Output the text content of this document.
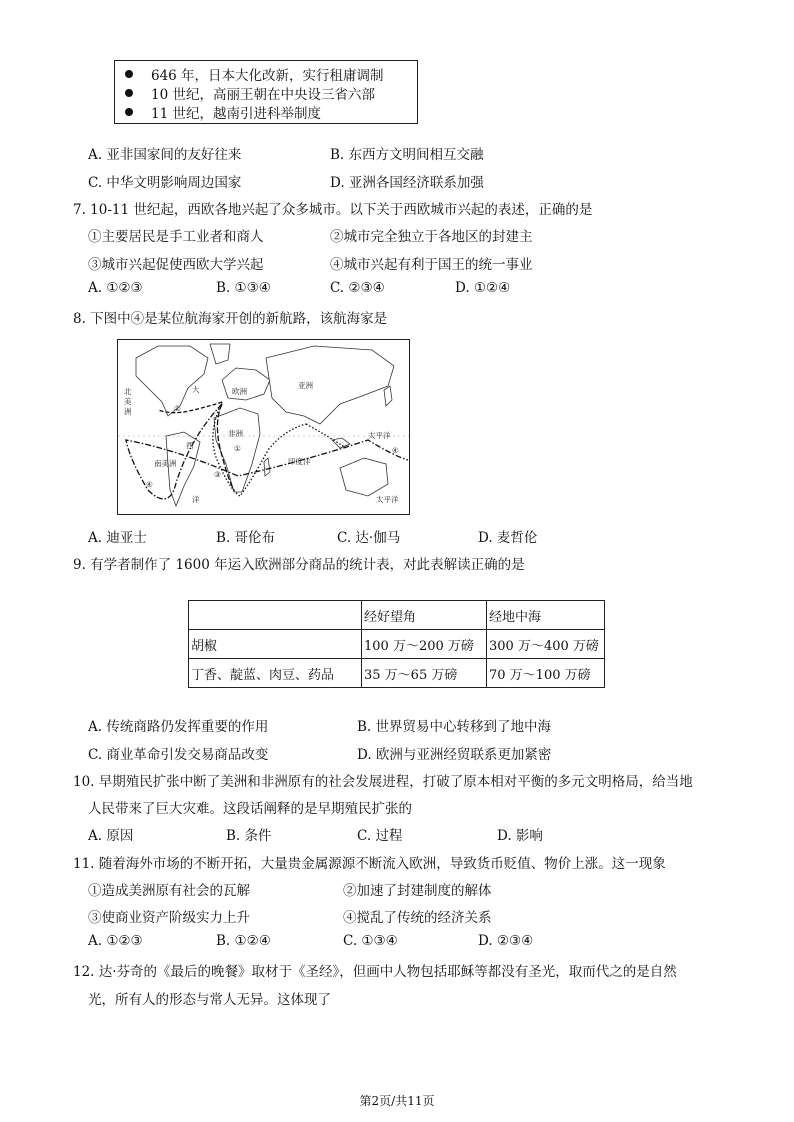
646 年，日本大化改新，实行租庸调制
10 世纪，高丽王朝在中央设三省六部
11 世纪，越南引进科举制度
A. 亚非国家间的友好往来	B. 东西方文明间相互交融
C. 中华文明影响周边国家	D. 亚洲各国经济联系加强
7. 10-11 世纪起，西欧各地兴起了众多城市。以下关于西欧城市兴起的表述，正确的是
①主要居民是手工业者和商人	②城市完全独立于各地区的封建主
③城市兴起促使西欧大学兴起	④城市兴起有利于国王的统一事业
A. ①②③	B. ①③④	C. ②③④	D. ①②④
8. 下图中④是某位航海家开创的新航路，该航海家是
北
美
洲
大
西
洋
欧洲
亚洲
非洲
南美洲	印度洋
太平洋
太平洋
①
②
③
④
④
A. 迪亚士	B. 哥伦布	C. 达·伽马	D. 麦哲伦
9. 有学者制作了 1600 年运入欧洲部分商品的统计表，对此表解读正确的是
	经好望角	经地中海
胡椒	100 万～200 万磅	300 万～400 万磅
丁香、靛蓝、肉豆、药品	35 万～65 万磅	70 万～100 万磅
A. 传统商路仍发挥重要的作用	B. 世界贸易中心转移到了地中海
C. 商业革命引发交易商品改变	D. 欧洲与亚洲经贸联系更加紧密
10. 早期殖民扩张中断了美洲和非洲原有的社会发展进程，打破了原本相对平衡的多元文明格局，给当地
人民带来了巨大灾难。这段话阐释的是早期殖民扩张的
A. 原因	B. 条件	C. 过程	D. 影响
11. 随着海外市场的不断开拓，大量贵金属源源不断流入欧洲，导致货币贬值、物价上涨。这一现象
①造成美洲原有社会的瓦解	②加速了封建制度的解体
③使商业资产阶级实力上升	④搅乱了传统的经济关系
A. ①②③	B. ①②④	C. ①③④	D. ②③④
12. 达·芬奇的《最后的晚餐》取材于《圣经》，但画中人物包括耶稣等都没有圣光，取而代之的是自然
光，所有人的形态与常人无异。这体现了
第2页/共11页
